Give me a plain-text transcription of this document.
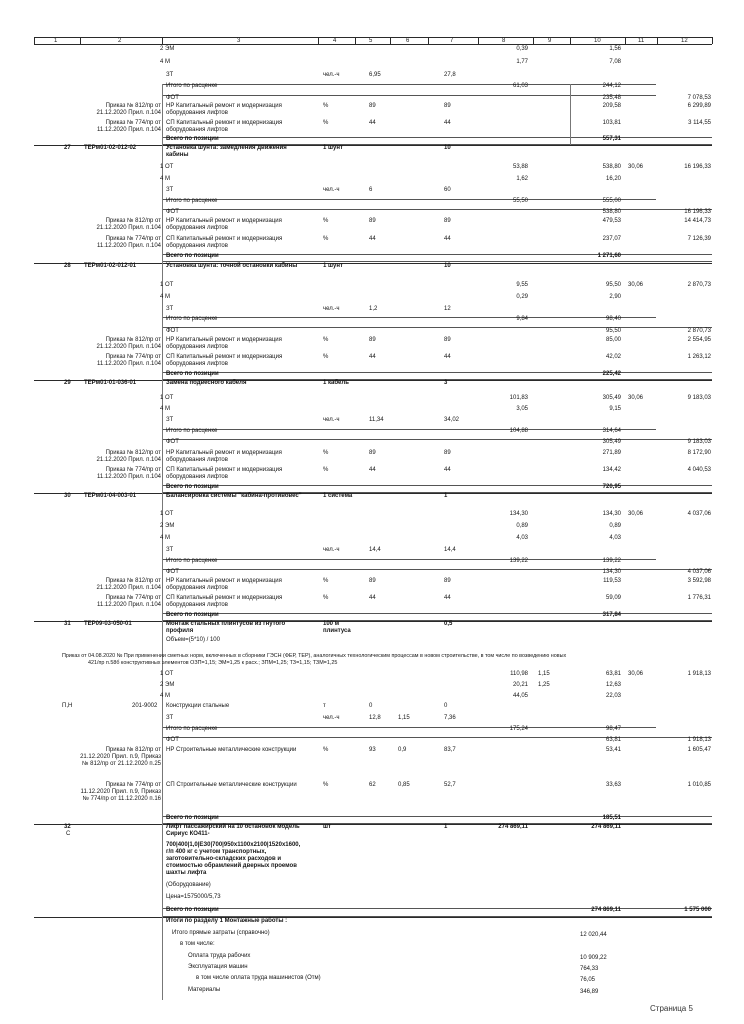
1	2	3	4	5	6	7	8	9	10	11	12
2 ЭМ	0,39	1,56
4 М	1,77	7,08
ЗТ	чел.-ч	6,95	27,8
Итого по расценке	61,03	244,12
ФОТ	235,48	7 078,53
Приказ № 812/пр от НР Капитальный ремонт и модернизация	%	89	89	209,58	6 299,89
21.12.2020 Прил. п.104 оборудования лифтов
Приказ № 774/пр от СП Капитальный ремонт и модернизация	%	44	44	103,81	3 114,55
11.12.2020 Прил. п.104 оборудования лифтов
Всего по позиции	557,31
27 ТЕРм01-02-012-02	Установка шунта: замедления движения	1 шунт	10
кабины
1 ОТ	53,88	538,80 30,06	16 196,33
4 М	1,62	16,20
ЗТ	чел.-ч	6	60
Итого по расценке	55,50	555,00
ФОТ	538,80	16 196,33
Приказ № 812/пр от НР Капитальный ремонт и модернизация	%	89	89	479,53	14 414,73
21.12.2020 Прил. п.104 оборудования лифтов
Приказ № 774/пр от СП Капитальный ремонт и модернизация	%	44	44	237,07	7 126,39
11.12.2020 Прил. п.104 оборудования лифтов
Всего по позиции	1 271,60
28 ТЕРм01-02-012-01	Установка шунта: точной остановки кабины	1 шунт	10
1 ОТ	9,55	95,50 30,06	2 870,73
4 М	0,29	2,90
ЗТ	чел.-ч	1,2	12
Итого по расценке	9,84	98,40
ФОТ	95,50	2 870,73
Приказ № 812/пр от НР Капитальный ремонт и модернизация	%	89	89	85,00	2 554,95
21.12.2020 Прил. п.104 оборудования лифтов
Приказ № 774/пр от СП Капитальный ремонт и модернизация	%	44	44	42,02	1 263,12
11.12.2020 Прил. п.104 оборудования лифтов
Всего по позиции	225,42
29 ТЕРм01-01-036-01	Замена подвесного кабеля	1 кабель	3
1 ОТ	101,83	305,49 30,06	9 183,03
4 М	3,05	9,15
ЗТ	чел.-ч	11,34	34,02
Итого по расценке	104,88	314,64
ФОТ	305,49	9 183,03
Приказ № 812/пр от НР Капитальный ремонт и модернизация	%	89	89	271,89	8 172,90
21.12.2020 Прил. п.104 оборудования лифтов
Приказ № 774/пр от СП Капитальный ремонт и модернизация	%	44	44	134,42	4 040,53
11.12.2020 Прил. п.104 оборудования лифтов
Всего по позиции	720,95
30 ТЕРм01-04-003-01	Балансировка системы "кабина-противовес"	1 система	1
1 ОТ	134,30	134,30 30,06	4 037,06
2 ЭМ	0,89	0,89
4 М	4,03	4,03
ЗТ	чел.-ч	14,4	14,4
Итого по расценке	139,22	139,22
ФОТ	134,30	4 037,06
Приказ № 812/пр от НР Капитальный ремонт и модернизация	%	89	89	119,53	3 592,98
21.12.2020 Прил. п.104 оборудования лифтов
Приказ № 774/пр от СП Капитальный ремонт и модернизация	%	44	44	59,09	1 776,31
11.12.2020 Прил. п.104 оборудования лифтов
Всего по позиции	317,84
31 ТЕР09-03-050-01	Монтаж стальных плинтусов из гнутого	100 м	0,5
профиля	плинтуса
Объем=(5*10) / 100
1 ОТ	110,98 1,15	63,81 30,06	1 918,13
2 ЭМ	20,21 1,25	12,63
4 М	44,05	22,03
П,Н	201-9002 Конструкции стальные	т	0	0
ЗТ	чел.-ч	12,8	1,15	7,36
Итого по расценке	175,24	98,47
ФОТ	63,81	1 918,13
Приказ № 812/пр от НР Строительные металлические конструкции	%	93	0,9	83,7	53,41	1 605,47
21.12.2020 Прил. п.9, Приказ
№ 812/пр от 21.12.2020 п.25
Приказ № 774/пр от СП Строительные металлические конструкции	%	62	0,85	52,7	33,63	1 010,85
11.12.2020 Прил. п.9, Приказ
№ 774/пр от 11.12.2020 п.16
Всего по позиции	185,51
32	Лифт пассажирский на 10 остановок модель	шт	1	274 869,11	274 869,11
С	Сириус КО411-
700|400|1,0|ЕЗ0|700|950х1100х2100|1520х1600,
г/п 400 кг с учетом транспортных,
заготовительно-складских расходов и
стоимостью обрамлений дверных проемов
шахты лифта
(Оборудование)
Цена=1575000/5,73
Всего по позиции	274 869,11	1 575 000
Итоги по разделу 1 Монтажные работы :
Приказ от 04.08.2020 № При применении сметных норм, включенных в сборники ГЭСН (ФЕР, ТЕР), аналогичных технологическим процессам в новом строительстве, в том числе по возведению новых
421/пр п.58б конструктивных элементов ОЗП=1,15; ЭМ=1,25 к расх.; ЗПМ=1,25; ТЗ=1,15; ТЗМ=1,25
Итого прямые затраты (справочно)	12 020,44
в том числе:
Оплата труда рабочих	10 909,22
Эксплуатация машин	764,33
в том числе оплата труда машинистов (Отм)	76,05
Материалы	346,89
Страница 5
